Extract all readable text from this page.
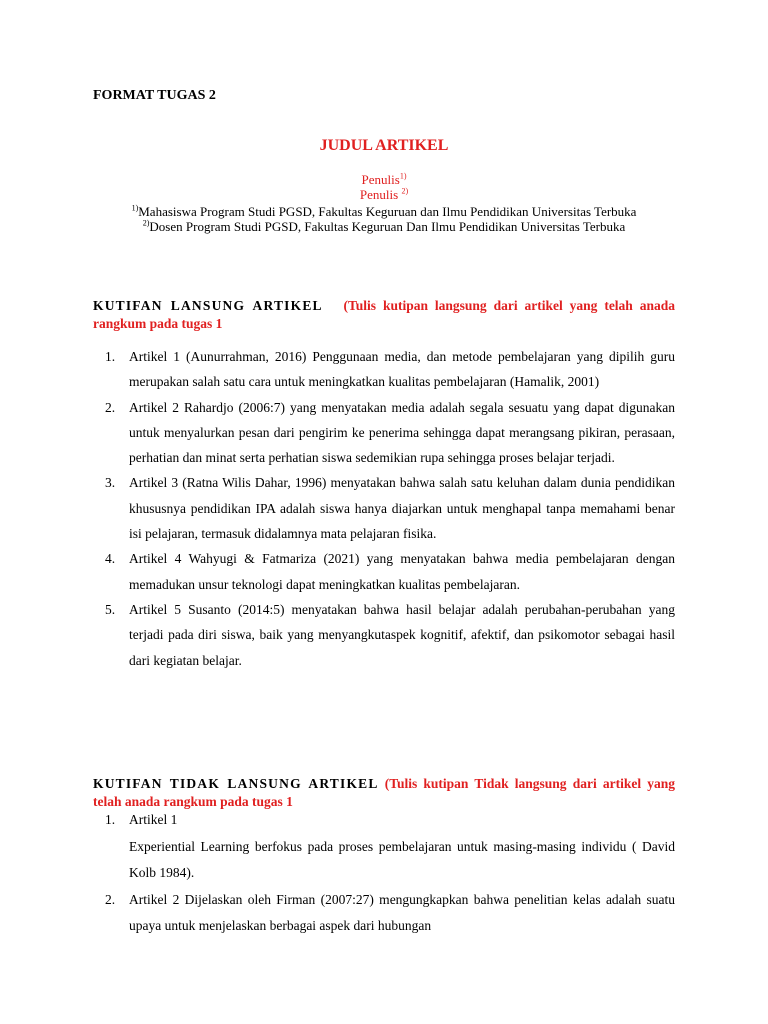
FORMAT TUGAS 2
JUDUL ARTIKEL
Penulis$^{1)}$
Penulis $^{2)}$
$^{1)}$Mahasiswa Program Studi PGSD, Fakultas Keguruan dan Ilmu Pendidikan Universitas Terbuka
$^{2)}$Dosen Program Studi PGSD, Fakultas Keguruan Dan Ilmu Pendidikan Universitas Terbuka
KUTIFAN LANSUNG ARTIKEL (Tulis kutipan langsung dari artikel yang telah anada rangkum pada tugas 1
1. Artikel 1 (Aunurrahman, 2016) Penggunaan media, dan metode pembelajaran yang dipilih guru merupakan salah satu cara untuk meningkatkan kualitas pembelajaran (Hamalik, 2001)
2. Artikel 2 Rahardjo (2006:7) yang menyatakan media adalah segala sesuatu yang dapat digunakan untuk menyalurkan pesan dari pengirim ke penerima sehingga dapat merangsang pikiran, perasaan, perhatian dan minat serta perhatian siswa sedemikian rupa sehingga proses belajar terjadi.
3. Artikel 3 (Ratna Wilis Dahar, 1996) menyatakan bahwa salah satu keluhan dalam dunia pendidikan khususnya pendidikan IPA adalah siswa hanya diajarkan untuk menghapal tanpa memahami benar isi pelajaran, termasuk didalamnya mata pelajaran fisika.
4. Artikel 4 Wahyugi & Fatmariza (2021) yang menyatakan bahwa media pembelajaran dengan memadukan unsur teknologi dapat meningkatkan kualitas pembelajaran.
5. Artikel 5 Susanto (2014:5) menyatakan bahwa hasil belajar adalah perubahan-perubahan yang terjadi pada diri siswa, baik yang menyangkutaspek kognitif, afektif, dan psikomotor sebagai hasil dari kegiatan belajar.
KUTIFAN TIDAK LANSUNG ARTIKEL (Tulis kutipan Tidak langsung dari artikel yang telah anada rangkum pada tugas 1
1. Artikel 1
Experiential Learning berfokus pada proses pembelajaran untuk masing-masing individu ( David Kolb 1984).
2. Artikel 2 Dijelaskan oleh Firman (2007:27) mengungkapkan bahwa penelitian kelas adalah suatu upaya untuk menjelaskan berbagai aspek dari hubungan
